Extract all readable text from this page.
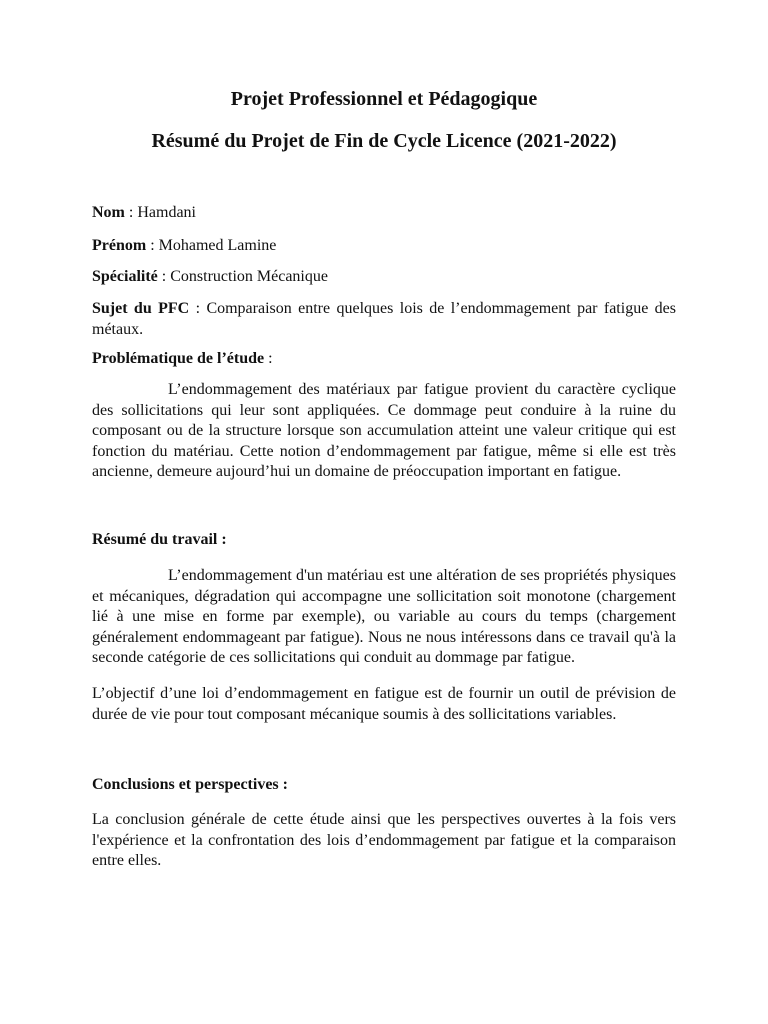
Projet Professionnel et Pédagogique
Résumé du Projet de Fin de Cycle Licence (2021-2022)

Nom : Hamdani

Prénom : Mohamed Lamine

Spécialité : Construction Mécanique

Sujet du PFC : Comparaison entre quelques lois de l’endommagement par fatigue des métaux.

Problématique de l’étude :

L’endommagement des matériaux par fatigue provient du caractère cyclique des sollicitations qui leur sont appliquées. Ce dommage peut conduire à la ruine du composant ou de la structure lorsque son accumulation atteint une valeur critique qui est fonction du matériau. Cette notion d’endommagement par fatigue, même si elle est très ancienne, demeure aujourd’hui un domaine de préoccupation important en fatigue.

Résumé du travail :

L’endommagement d'un matériau est une altération de ses propriétés physiques et mécaniques, dégradation qui accompagne une sollicitation soit monotone (chargement lié à une mise en forme par exemple), ou variable au cours du temps (chargement généralement endommageant par fatigue). Nous ne nous intéressons dans ce travail qu'à la seconde catégorie de ces sollicitations qui conduit au dommage par fatigue.

L’objectif d’une loi d’endommagement en fatigue est de fournir un outil de prévision de durée de vie pour tout composant mécanique soumis à des sollicitations variables.

Conclusions et perspectives :

La conclusion générale de cette étude ainsi que les perspectives ouvertes à la fois vers l'expérience et la confrontation des lois d’endommagement par fatigue et la comparaison entre elles.
